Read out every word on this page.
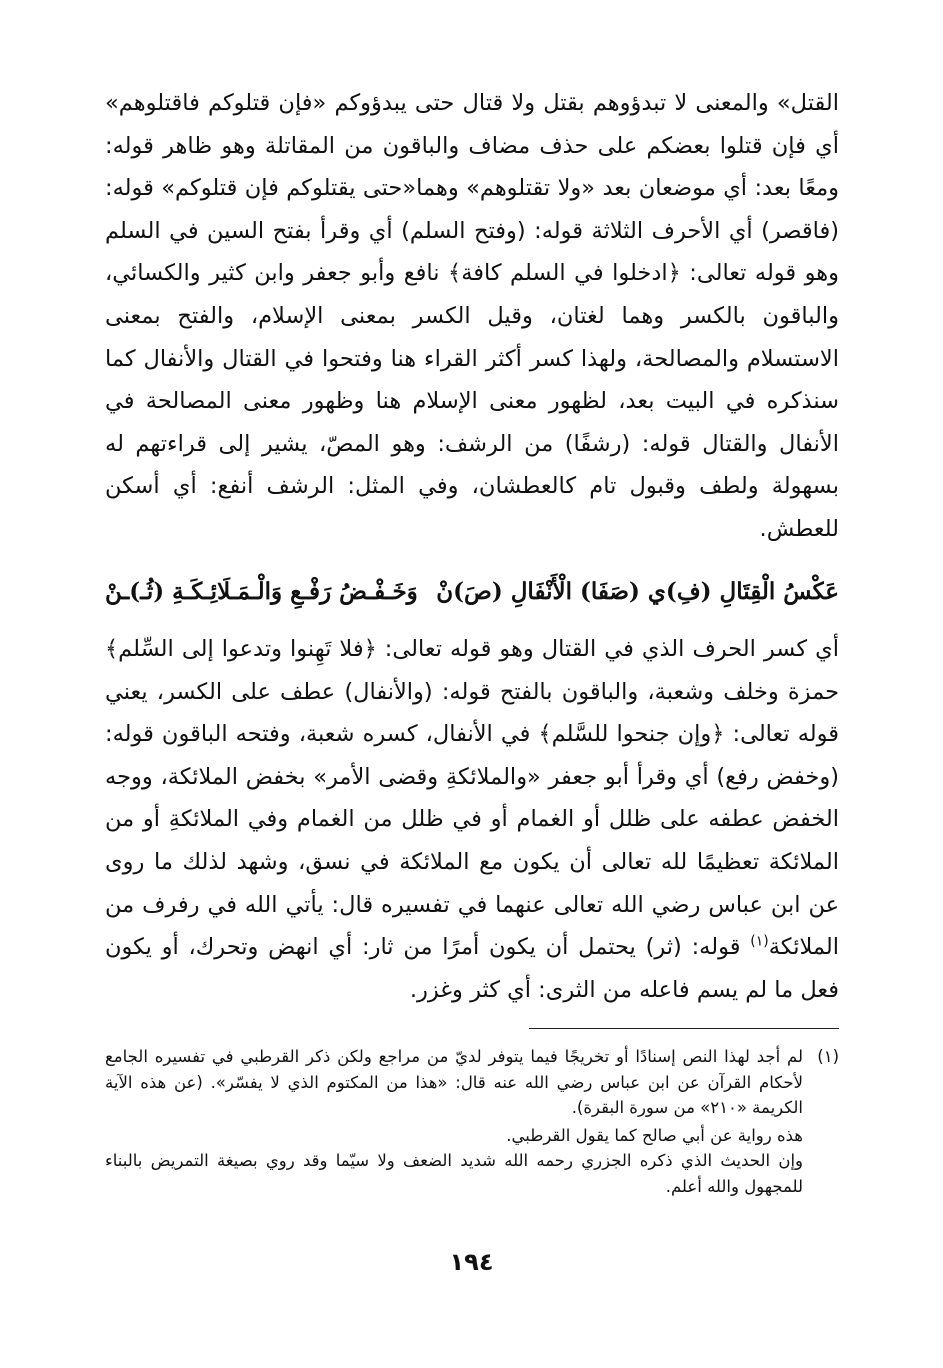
القتل» والمعنى لا تبدؤوهم بقتل ولا قتال حتى يبدؤوكم «فإن قتلوكم فاقتلوهم» أي فإن قتلوا بعضكم على حذف مضاف والباقون من المقاتلة وهو ظاهر قوله: ومعًا بعد: أي موضعان بعد «ولا تقتلوهم» وهما«حتى يقتلوكم فإن قتلوكم» قوله: (فاقصر) أي الأحرف الثلاثة قوله: (وفتح السلم) أي وقرأ بفتح السين في السلم وهو قوله تعالى: ﴿ادخلوا في السلم كافة﴾ نافع وأبو جعفر وابن كثير والكسائي، والباقون بالكسر وهما لغتان، وقيل الكسر بمعنى الإسلام، والفتح بمعنى الاستسلام والمصالحة، ولهذا كسر أكثر القراء هنا وفتحوا في القتال والأنفال كما سنذكره في البيت بعد، لظهور معنى الإسلام هنا وظهور معنى المصالحة في الأنفال والقتال قوله: (رشفًا) من الرشف: وهو المصّ، يشير إلى قراءتهم له بسهولة ولطف وقبول تام كالعطشان، وفي المثل: الرشف أنفع: أي أسكن للعطش.

عَكْسُ الْقِتَالِ (فِ)ي (صَفَا) الْأَنْفَالِ (صَ)نْ
وَخَـفْـضُ رَفْـعِ وَالْـمَـلَائِـكَـةِ (ثُـ)ـنْ

أي كسر الحرف الذي في القتال وهو قوله تعالى: ﴿فلا تَهِنوا وتدعوا إلى السِّلم﴾ حمزة وخلف وشعبة، والباقون بالفتح قوله: (والأنفال) عطف على الكسر، يعني قوله تعالى: ﴿وإن جنحوا للسَّلم﴾ في الأنفال، كسره شعبة، وفتحه الباقون قوله: (وخفض رفع) أي وقرأ أبو جعفر «والملائكةِ وقضى الأمر» بخفض الملائكة، ووجه الخفض عطفه على ظلل أو الغمام أو في ظلل من الغمام وفي الملائكةِ أو من الملائكة تعظيمًا لله تعالى أن يكون مع الملائكة في نسق، وشهد لذلك ما روى عن ابن عباس رضي الله تعالى عنهما في تفسيره قال: يأتي الله في رفرف من الملائكة$^{(١)}$ قوله: (ثر) يحتمل أن يكون أمرًا من ثار: أي انهض وتحرك، أو يكون فعل ما لم يسم فاعله من الثرى: أي كثر وغزر.

(١)
لم أجد لهذا النص إسنادًا أو تخريجًا فيما يتوفر لديّ من مراجع ولكن ذكر القرطبي في تفسيره الجامع لأحكام القرآن عن ابن عباس رضي الله عنه قال: «هذا من المكتوم الذي لا يفسّر». (عن هذه الآية الكريمة «٢١٠» من سورة البقرة).

هذه رواية عن أبي صالح كما يقول القرطبي.

وإن الحديث الذي ذكره الجزري رحمه الله شديد الضعف ولا سيّما وقد روي بصيغة التمريض بالبناء للمجهول والله أعلم.

١٩٤
